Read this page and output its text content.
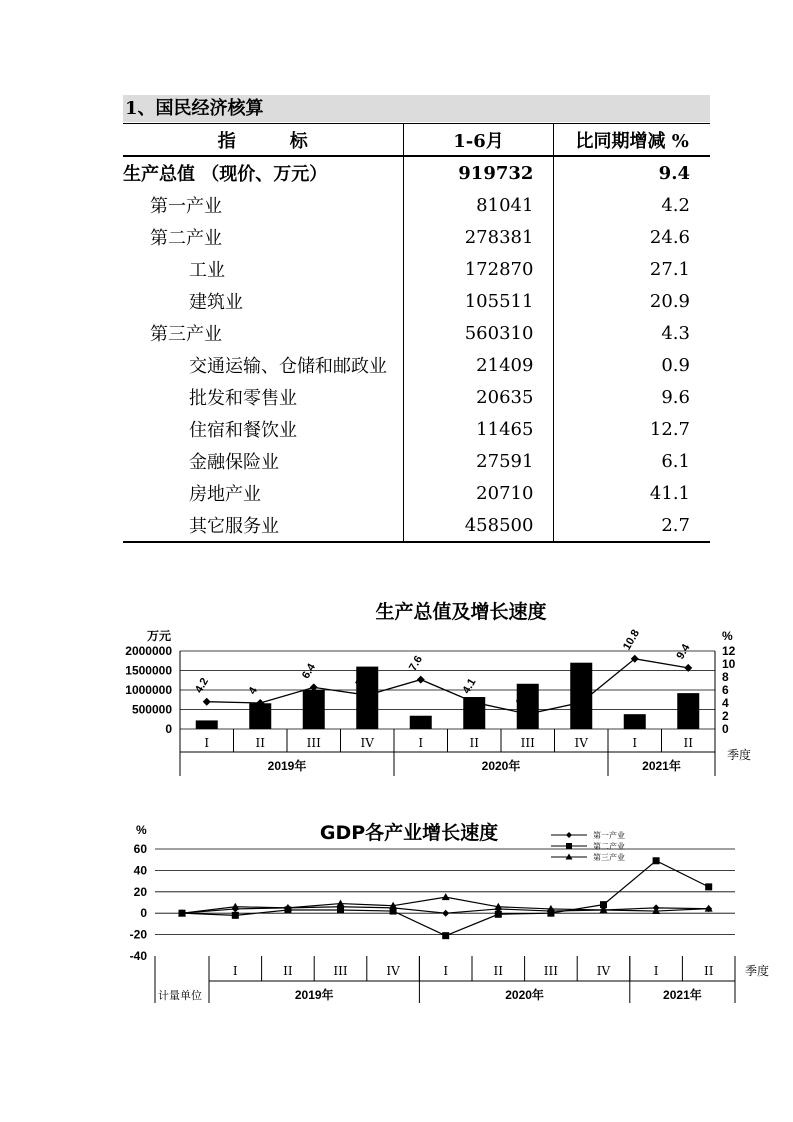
1、国民经济核算
指　　　标	1-6月	比同期增减 %
生产总值 （现价、万元）	919732	9.4
第一产业	81041	4.2
第二产业	278381	24.6
工业	172870	27.1
建筑业	105511	20.9
第三产业	560310	4.3
交通运输、仓储和邮政业	21409	0.9
批发和零售业	20635	9.6
住宿和餐饮业	11465	12.7
金融保险业	27591	6.1
房地产业	20710	41.1
其它服务业	458500	2.7
0
500000
1000000
1500000
2000000
0
2
4
6
8
10
12
I	II	III	IV	I	II	III	IV	I	II
2019年	2020年	2021年
4.2	4
6.4	5.2
7.6
4.1
2.3
4.1
10.8	9.4
生产总值及增长速度
万元	%
季度
-40
-20
0
20
40
60
I	II	III	IV	I	II	III	IV	I	II
2019年	2020年	2021年
第一产业
第二产业
第三产业
GDP各产业增长速度
%
季度
计量单位
